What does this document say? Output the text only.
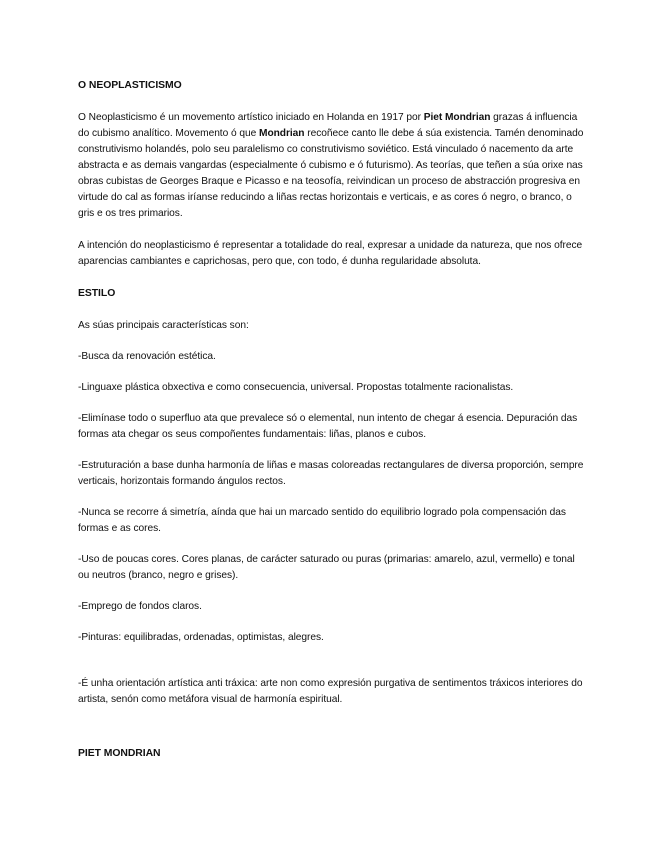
O NEOPLASTICISMO

O Neoplasticismo é un movemento artístico iniciado en Holanda en 1917 por Piet Mondrian grazas á influencia do cubismo analítico. Movemento ó que Mondrian recoñece canto lle debe á súa existencia. Tamén denominado construtivismo holandés, polo seu paralelismo co construtivismo soviético. Está vinculado ó nacemento da arte abstracta e as demais vangardas (especialmente ó cubismo e ó futurismo). As teorías, que teñen a súa orixe nas obras cubistas de Georges Braque e Picasso e na teosofía, reivindican un proceso de abstracción progresiva en virtude do cal as formas iríanse reducindo a liñas rectas horizontais e verticais, e as cores ó negro, o branco, o gris e os tres primarios.

A intención do neoplasticismo é representar a totalidade do real, expresar a unidade da natureza, que nos ofrece aparencias cambiantes e caprichosas, pero que, con todo, é dunha regularidade absoluta.

ESTILO

As súas principais características son:

-Busca da renovación estética.

-Linguaxe plástica obxectiva e como consecuencia, universal. Propostas totalmente racionalistas.

-Elimínase todo o superfluo ata que prevalece só o elemental, nun intento de chegar á esencia. Depuración das formas ata chegar os seus compoñentes fundamentais: liñas, planos e cubos.

-Estruturación a base dunha harmonía de liñas e masas coloreadas rectangulares de diversa proporción, sempre verticais, horizontais formando ángulos rectos.

-Nunca se recorre á simetría, aínda que hai un marcado sentido do equilibrio logrado pola compensación das formas e as cores.

-Uso de poucas cores. Cores planas, de carácter saturado ou puras (primarias: amarelo, azul, vermello) e tonal ou neutros (branco, negro e grises).

-Emprego de fondos claros.

-Pinturas: equilibradas, ordenadas, optimistas, alegres.

-É unha orientación artística anti tráxica: arte non como expresión purgativa de sentimentos tráxicos interiores do artista, senón como metáfora visual de harmonía espiritual.

PIET MONDRIAN
